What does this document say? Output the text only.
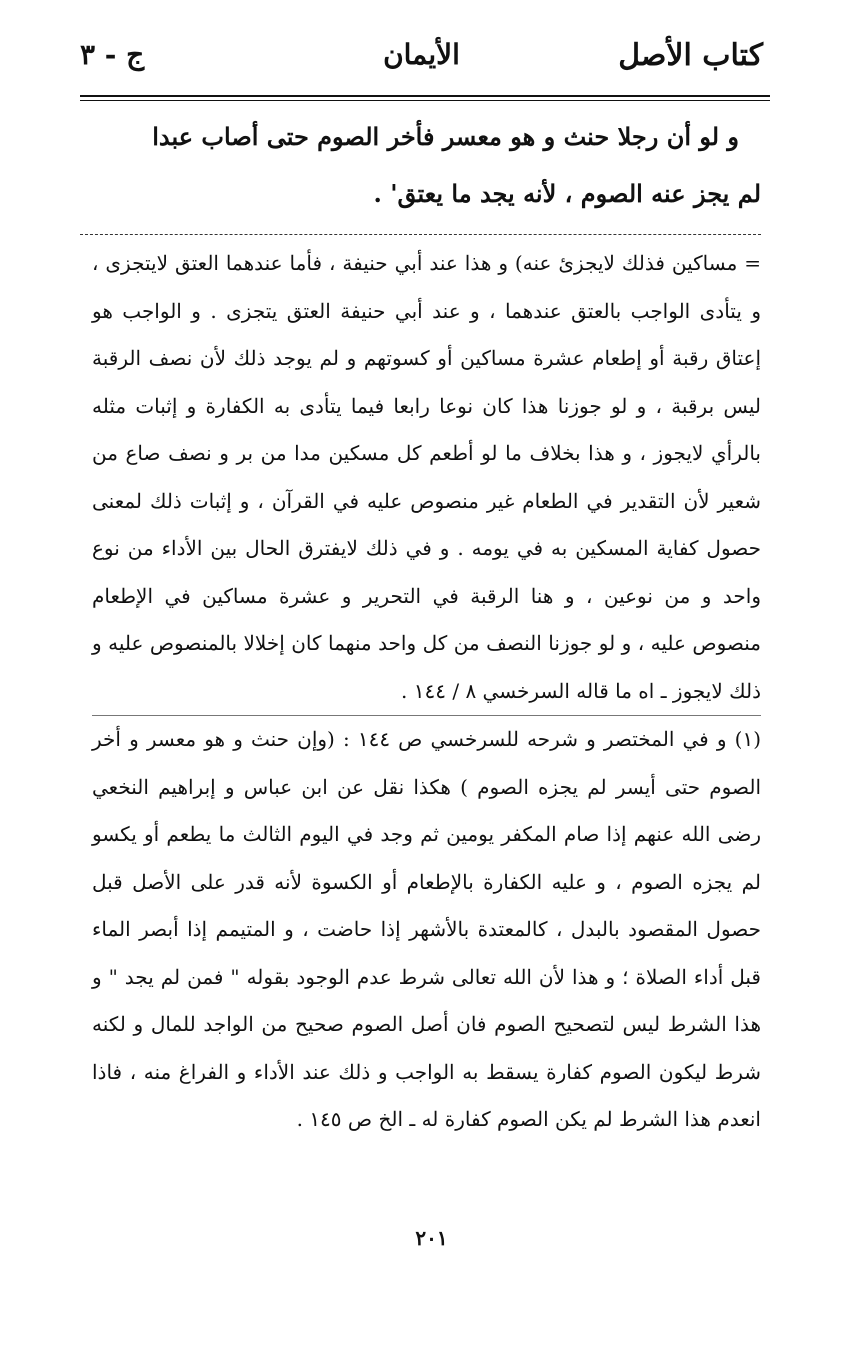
كتاب الأصل
الأيمان
ج - ٣

و لو أن رجلا حنث و هو معسر فأخر الصوم حتى أصاب عبدا

لم يجز عنه الصوم ، لأنه يجد ما يعتق' .

= مساكين فذلك لايجزئ عنه) و هذا عند أبي حنيفة ، فأما عندهما العتق لايتجزى ، و يتأدى الواجب بالعتق عندهما ، و عند أبي حنيفة العتق يتجزى . و الواجب هو إعتاق رقبة أو إطعام عشرة مساكين أو كسوتهم و لم يوجد ذلك لأن نصف الرقبة ليس برقبة ، و لو جوزنا هذا كان نوعا رابعا فيما يتأدى به الكفارة و إثبات مثله بالرأي لايجوز ، و هذا بخلاف ما لو أطعم كل مسكين مدا من بر و نصف صاع من شعير لأن التقدير في الطعام غير منصوص عليه في القرآن ، و إثبات ذلك لمعنى حصول كفاية المسكين به في يومه . و في ذلك لايفترق الحال بين الأداء من نوع واحد و من نوعين ، و هنا الرقبة في التحرير و عشرة مساكين في الإطعام منصوص عليه ، و لو جوزنا النصف من كل واحد منهما كان إخلالا بالمنصوص عليه و ذلك لايجوز ـ اه ما قاله السرخسي ٨ / ١٤٤ .

(١) و في المختصر و شرحه للسرخسي ص ١٤٤ : (وإن حنث و هو معسر و أخر الصوم حتى أيسر لم يجزه الصوم ) هكذا نقل عن ابن عباس و إبراهيم النخعي رضى الله عنهم إذا صام المكفر يومين ثم وجد في اليوم الثالث ما يطعم أو يكسو لم يجزه الصوم ، و عليه الكفارة بالإطعام أو الكسوة لأنه قدر على الأصل قبل حصول المقصود بالبدل ، كالمعتدة بالأشهر إذا حاضت ، و المتيمم إذا أبصر الماء قبل أداء الصلاة ؛ و هذا لأن الله تعالى شرط عدم الوجود بقوله " فمن لم يجد " و هذا الشرط ليس لتصحيح الصوم فان أصل الصوم صحيح من الواجد للمال و لكنه شرط ليكون الصوم كفارة يسقط به الواجب و ذلك عند الأداء و الفراغ منه ، فاذا انعدم هذا الشرط لم يكن الصوم كفارة له ـ الخ ص ١٤٥ .

٢٠١
